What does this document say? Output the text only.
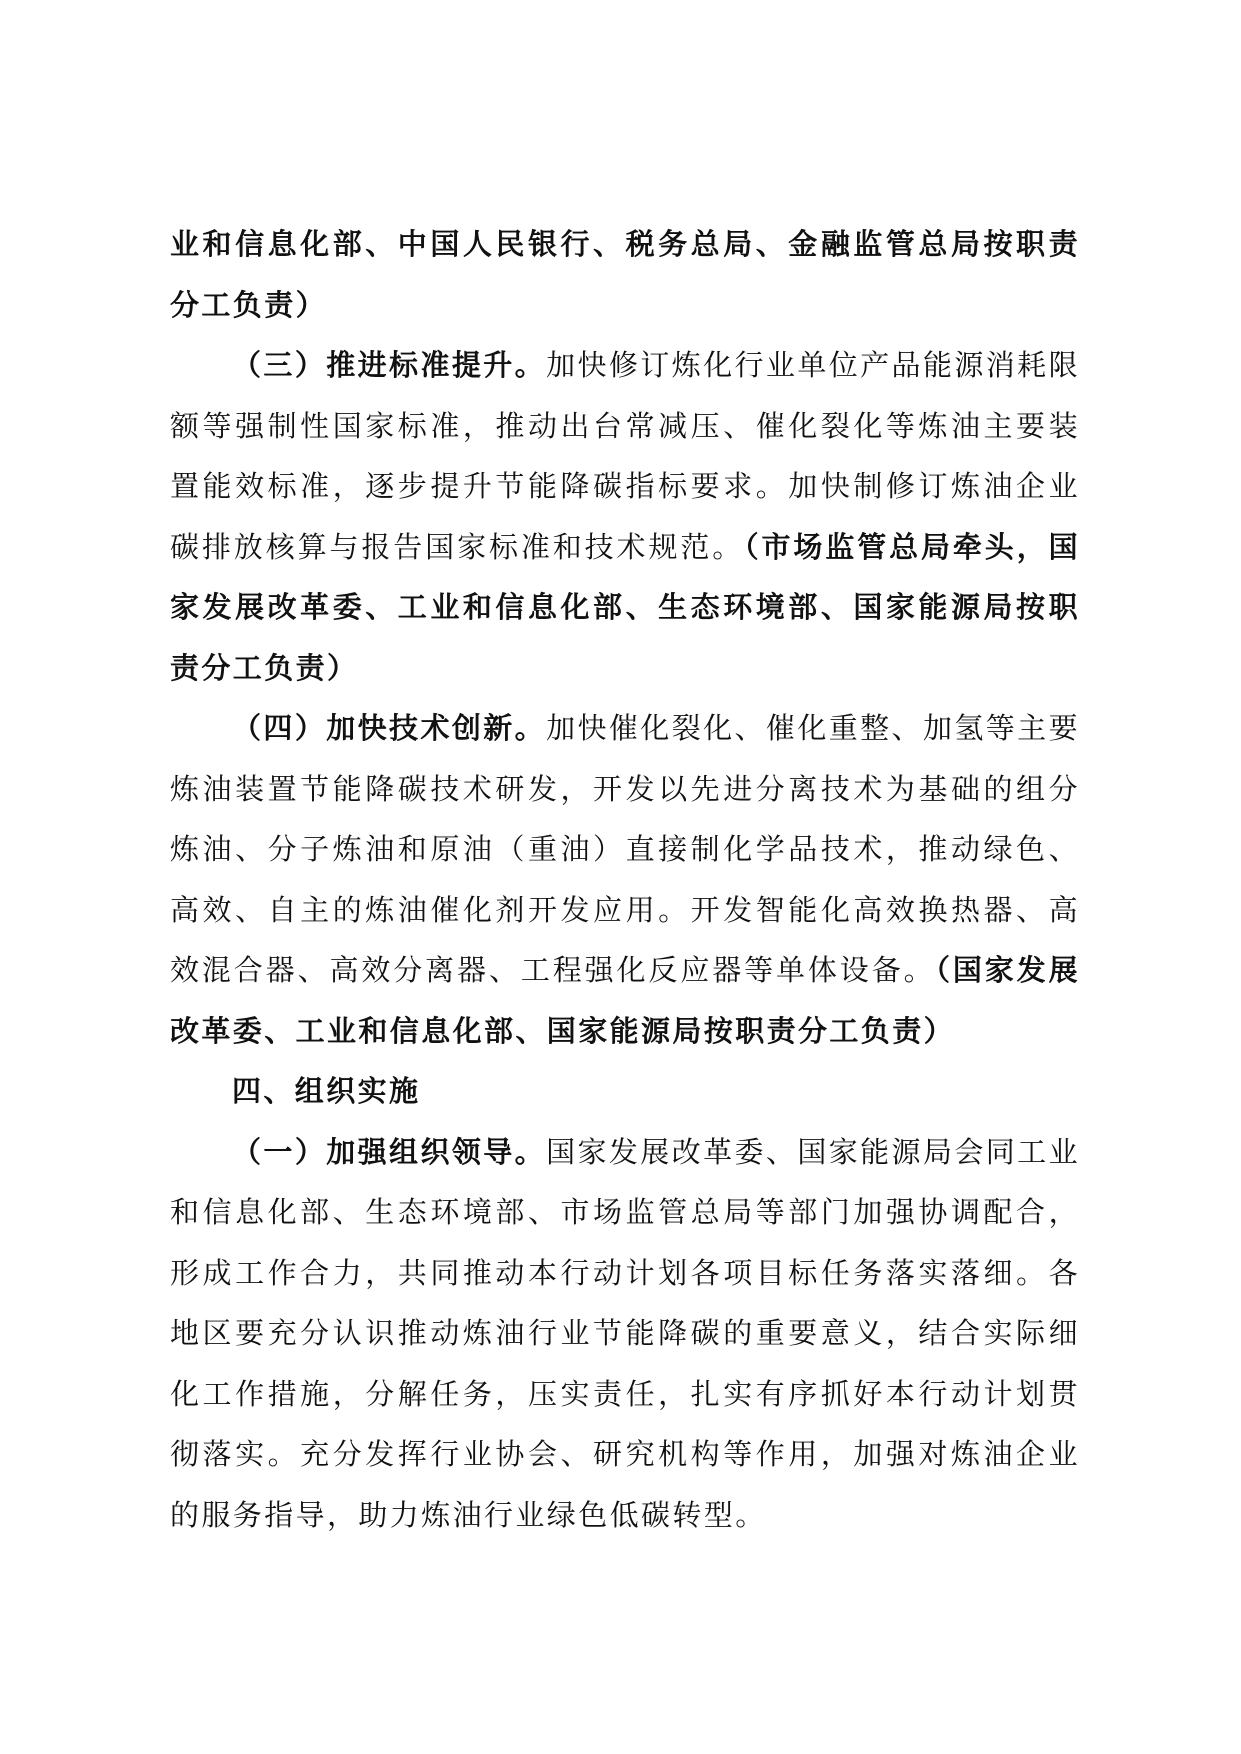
业和信息化部、中国人民银行、税务总局、金融监管总局按职责分工负责）

（三）推进标准提升。加快修订炼化行业单位产品能源消耗限额等强制性国家标准，推动出台常减压、催化裂化等炼油主要装置能效标准，逐步提升节能降碳指标要求。加快制修订炼油企业碳排放核算与报告国家标准和技术规范。（市场监管总局牵头，国家发展改革委、工业和信息化部、生态环境部、国家能源局按职责分工负责）

（四）加快技术创新。加快催化裂化、催化重整、加氢等主要炼油装置节能降碳技术研发，开发以先进分离技术为基础的组分炼油、分子炼油和原油（重油）直接制化学品技术，推动绿色、高效、自主的炼油催化剂开发应用。开发智能化高效换热器、高效混合器、高效分离器、工程强化反应器等单体设备。（国家发展改革委、工业和信息化部、国家能源局按职责分工负责）

四、组织实施

（一）加强组织领导。国家发展改革委、国家能源局会同工业和信息化部、生态环境部、市场监管总局等部门加强协调配合，形成工作合力，共同推动本行动计划各项目标任务落实落细。各地区要充分认识推动炼油行业节能降碳的重要意义，结合实际细化工作措施，分解任务，压实责任，扎实有序抓好本行动计划贯彻落实。充分发挥行业协会、研究机构等作用，加强对炼油企业的服务指导，助力炼油行业绿色低碳转型。
